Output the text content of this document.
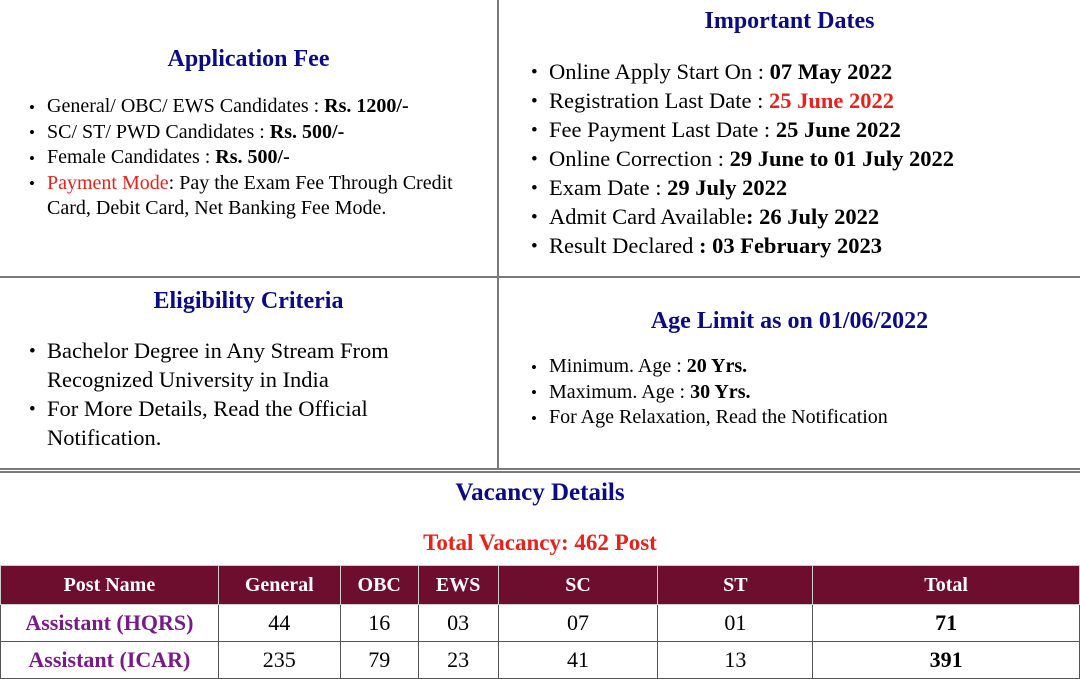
Application Fee
• General/ OBC/ EWS Candidates : Rs. 1200/-
• SC/ ST/ PWD Candidates : Rs. 500/-
• Female Candidates : Rs. 500/-
• Payment Mode: Pay the Exam Fee Through Credit Card, Debit Card, Net Banking Fee Mode.
Important Dates
• Online Apply Start On : 07 May 2022
• Registration Last Date : 25 June 2022
• Fee Payment Last Date : 25 June 2022
• Online Correction : 29 June to 01 July 2022
• Exam Date : 29 July 2022
• Admit Card Available: 26 July 2022
• Result Declared : 03 February 2023
Eligibility Criteria
• Bachelor Degree in Any Stream From Recognized University in India
• For More Details, Read the Official Notification.
Age Limit as on 01/06/2022
• Minimum. Age : 20 Yrs.
• Maximum. Age : 30 Yrs.
• For Age Relaxation, Read the Notification
Vacancy Details
Total Vacancy: 462 Post
Post Name	General	OBC	EWS	SC	ST	Total
Assistant (HQRS)	44	16	03	07	01	71
Assistant (ICAR)	235	79	23	41	13	391
